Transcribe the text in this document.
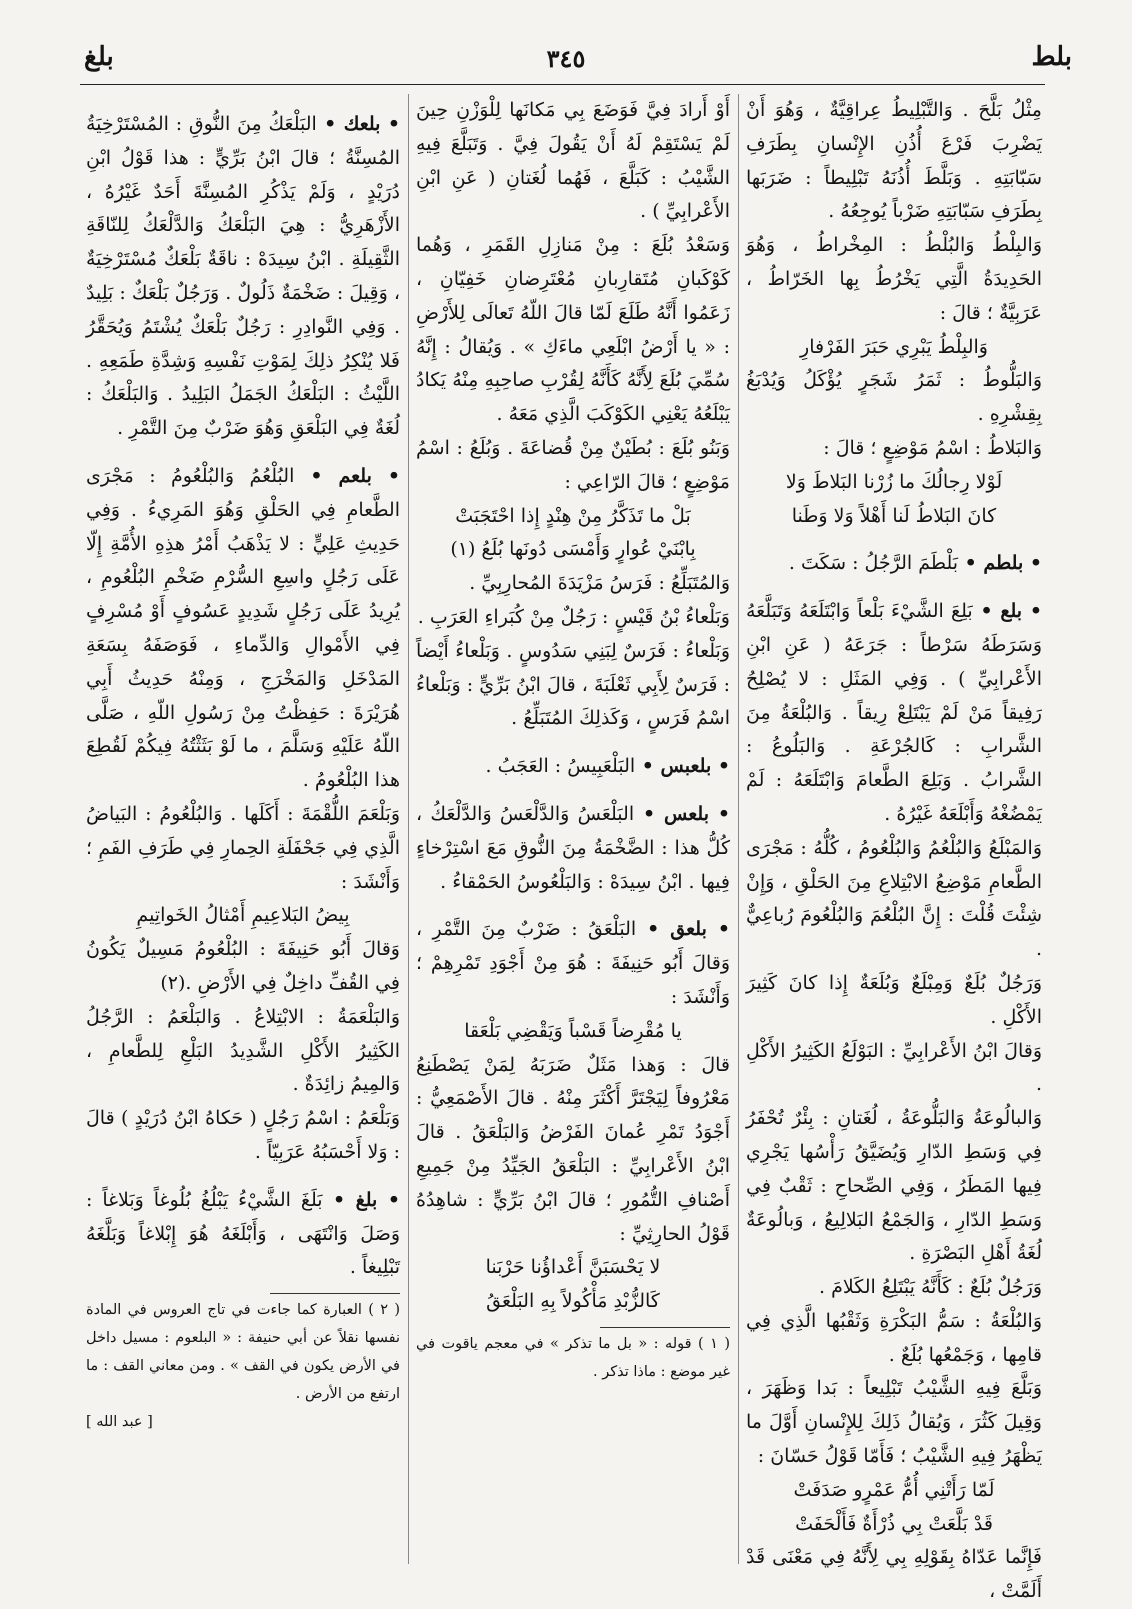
بلط
٣٤٥
بلغ

مِثْلُ بَلَّحَ . وَالتَّبْلِيطُ عِراقِيَّةٌ ، وَهُوَ أَنْ يَضْرِبَ فَرْعَ أُذُنِ الإِنْسانِ بِطَرَفِ سَبّابَتِهِ . وَبَلَّطَ أُذُنَهُ تَبْلِيطاً : ضَرَبَها بِطَرَفِ سَبّابَتِهِ ضَرْباً يُوجِعُهُ .

وَالبِلْطُ وَالبُلْطُ : المِخْراطُ ، وَهُوَ الحَدِيدَةُ الَّتِي يَخْرُطُ بِها الخَرّاطُ ، عَرَبِيَّةٌ ؛ قالَ :

وَالبِلْطُ يَبْرِي حَبَرَ الفَرْفارِ

وَالبَلُّوطُ : ثَمَرُ شَجَرٍ يُؤْكَلُ وَيُدْبَغُ بِقِشْرِهِ .

وَالبَلاطُ : اسْمُ مَوْضِعٍ ؛ قالَ :

لَوْلا رِجالُكَ ما زُرْنا البَلاطَ وَلا

كانَ البَلاطُ لَنا أَهْلاً وَلا وَطَنا

• بلطم • بَلْطَمَ الرَّجُلُ : سَكَتَ .

• بلع • بَلِعَ الشَّيْءَ بَلْعاً وَابْتَلَعَهُ وَتَبَلَّعَهُ وَسَرَطَهُ سَرْطاً : جَرَعَهُ ( عَنِ ابْنِ الأَعْرابِيِّ ) . وَفِي المَثَلِ : لا يُصْلِحُ رَفِيقاً مَنْ لَمْ يَبْتَلِعْ رِيقاً . وَالبُلْعَةُ مِنَ الشَّرابِ : كَالجُرْعَةِ . وَالبَلُوعُ : الشَّرابُ . وَبَلِعَ الطَّعامَ وَابْتَلَعَهُ : لَمْ يَمْضُغْهُ وَأَبْلَعَهُ غَيْرُهُ .

وَالمَبْلَعُ وَالبُلْعُمُ وَالبُلْعُومُ ، كُلُّهُ : مَجْرَى الطَّعامِ مَوْضِعُ الابْتِلاعِ مِنَ الحَلْقِ ، وَإِنْ شِئْتَ قُلْتَ : إِنَّ البُلْعُمَ وَالبُلْعُومَ رُباعِيٌّ .

وَرَجُلٌ بُلَعٌ وَمِبْلَعٌ وَبُلَعَةٌ إِذا كانَ كَثِيرَ الأَكْلِ .

وَقالَ ابْنُ الأَعْرابِيِّ : البَوْلَعُ الكَثِيرُ الأَكْلِ .

وَالبالُوعَةُ وَالبَلُّوعَةُ ، لُغَتانِ : بِئْرٌ تُحْفَرُ فِي وَسَطِ الدّارِ وَيُضَيَّقُ رَأْسُها يَجْرِي فِيها المَطَرُ ، وَفِي الصِّحاحِ : ثَقْبٌ فِي وَسَطِ الدّارِ ، وَالجَمْعُ البَلالِيعُ ، وَبالُوعَةٌ لُغَةُ أَهْلِ البَصْرَةِ .

وَرَجُلٌ بُلَعٌ : كَأَنَّهُ يَبْتَلِعُ الكَلامَ .

وَالبُلْعَةُ : سَمُّ البَكْرَةِ وَثَقْبُها الَّذِي فِي قامِها ، وَجَمْعُها بُلَعٌ .

وَبَلَّعَ فِيهِ الشَّيْبُ تَبْلِيعاً : بَدا وَظَهَرَ ، وَقِيلَ كَثُرَ ، وَيُقالُ ذَلِكَ لِلإِنْسانِ أَوَّلَ ما يَظْهَرُ فِيهِ الشَّيْبُ ؛ فَأَمّا قَوْلُ حَسّانَ :

لَمّا رَأَتْنِي أُمُّ عَمْرٍو صَدَفَتْ

قَدْ بَلَّعَتْ بِي ذُرْأَةٌ فَأَلْحَفَتْ

فَإِنَّما عَدّاهُ بِقَوْلِهِ بِي لِأَنَّهُ فِي مَعْنَى قَدْ أَلَمَّتْ ،

أَوْ أَرادَ فِيَّ فَوَضَعَ بِي مَكانَها لِلْوَزْنِ حِينَ لَمْ يَسْتَقِمْ لَهُ أَنْ يَقُولَ فِيَّ . وَتَبَلَّعَ فِيهِ الشَّيْبُ : كَبَلَّعَ ، فَهُما لُغَتانِ ( عَنِ ابْنِ الأَعْرابِيِّ ) .

وَسَعْدُ بُلَعَ : مِنْ مَنازِلِ القَمَرِ ، وَهُما كَوْكَبانِ مُتَقارِبانِ مُعْتَرِضانِ خَفِيّانِ ، زَعَمُوا أَنَّهُ طَلَعَ لَمّا قالَ اللّهُ تَعالَى لِلأَرْضِ : « يا أَرْضُ ابْلَعِي ماءَكِ » . وَيُقالُ : إِنَّهُ سُمِّيَ بُلَعَ لِأَنَّهُ كَأَنَّهُ لِقُرْبِ صاحِبِهِ مِنْهُ يَكادُ يَبْلَعُهُ يَعْنِي الكَوْكَبَ الَّذِي مَعَهُ .

وَبَنُو بُلَعَ : بُطَيْنٌ مِنْ قُضاعَةَ . وَبُلَعُ : اسْمُ مَوْضِعٍ ؛ قالَ الرّاعِي :

بَلْ ما تَذَكَّرُ مِنْ هِنْدٍ إِذا احْتَجَبَتْ

بِابْنَيْ عُوارٍ وَأَمْسَى دُونَها بُلَعُ (١)

وَالمُتَبَلِّعُ : فَرَسُ مَزْيَدَةَ المُحارِبِيِّ .

وَبَلْعاءُ بْنُ قَيْسٍ : رَجُلٌ مِنْ كُبَراءِ العَرَبِ .

وَبَلْعاءُ : فَرَسٌ لِبَنِي سَدُوسٍ . وَبَلْعاءُ أَيْضاً : فَرَسٌ لِأَبِي ثَعْلَبَةَ ، قالَ ابْنُ بَرِّيٍّ : وَبَلْعاءُ اسْمُ فَرَسٍ ، وَكَذلِكَ المُتَبَلِّعُ .

• بلعبس • البَلْعَبِيسُ : العَجَبُ .

• بلعس • البَلْعَسُ وَالدَّلْعَسُ وَالدَّلْعَكُ ، كُلُّ هذا : الضَّخْمَةُ مِنَ النُّوقِ مَعَ اسْتِرْخاءٍ فِيها . ابْنُ سِيدَهْ : وَالبَلْعُوسُ الحَمْقاءُ .

• بلعق • البَلْعَقُ : ضَرْبٌ مِنَ التَّمْرِ ، وَقالَ أَبُو حَنِيفَةَ : هُوَ مِنْ أَجْوَدِ تَمْرِهِمْ ؛ وَأَنْشَدَ :

يا مُقْرِضاً قَسْباً وَيَقْضِي بَلْعَقا

قالَ : وَهذا مَثَلٌ ضَرَبَهُ لِمَنْ يَصْطَنِعُ مَعْرُوفاً لِيَجْتَرَّ أَكْثَرَ مِنْهُ . قالَ الأَصْمَعِيُّ : أَجْوَدُ تَمْرِ عُمانَ الفَرْضُ وَالبَلْعَقُ . قالَ ابْنُ الأَعْرابِيِّ : البَلْعَقُ الجَيِّدُ مِنْ جَمِيعِ أَصْنافِ التُّمُورِ ؛ قالَ ابْنُ بَرِّيٍّ : شاهِدُهُ قَوْلُ الحارِثِيِّ :

لا يَحْسَبَنَّ أَعْداؤُنا حَرْبَنا

كَالزُّبْدِ مَأْكُولاً بِهِ البَلْعَقُ

( ١ ) قوله : « بل ما تذكر » في معجم ياقوت في غير موضع : ماذا تذكر .

• بلعك • البَلْعَكُ مِنَ النُّوقِ : المُسْتَرْخِيَةُ المُسِنَّةُ ؛ قالَ ابْنُ بَرِّيٍّ : هذا قَوْلُ ابْنِ دُرَيْدٍ ، وَلَمْ يَذْكُرِ المُسِنَّةَ أَحَدٌ غَيْرُهُ ، الأَزْهَرِيُّ : هِيَ البَلْعَكُ وَالدَّلْعَكُ لِلنّاقَةِ الثَّقِيلَةِ . ابْنُ سِيدَهْ : ناقَةٌ بَلْعَكٌ مُسْتَرْخِيَةٌ ، وَقِيلَ : ضَخْمَةٌ ذَلُولٌ . وَرَجُلٌ بَلْعَكٌ : بَلِيدٌ . وَفِي النَّوادِرِ : رَجُلٌ بَلْعَكٌ يُشْتَمُ وَيُحَقَّرُ فَلا يُنْكِرُ ذلِكَ لِمَوْتِ نَفْسِهِ وَشِدَّةِ طَمَعِهِ . اللَّيْثُ : البَلْعَكُ الجَمَلُ البَلِيدُ . وَالبَلْعَكُ : لُغَةٌ فِي البَلْعَقِ وَهُوَ ضَرْبٌ مِنَ التَّمْرِ .

• بلعم • البُلْعُمُ وَالبُلْعُومُ : مَجْرَى الطَّعامِ فِي الحَلْقِ وَهُوَ المَرِيءُ . وَفِي حَدِيثِ عَلِيٍّ : لا يَذْهَبُ أَمْرُ هذِهِ الأُمَّةِ إِلّا عَلَى رَجُلٍ واسِعِ السُّرْمِ ضَخْمِ البُلْعُومِ ، يُرِيدُ عَلَى رَجُلٍ شَدِيدٍ عَسُوفٍ أَوْ مُسْرِفٍ فِي الأَمْوالِ وَالدِّماءِ ، فَوَصَفَهُ بِسَعَةِ المَدْخَلِ وَالمَخْرَجِ ، وَمِنْهُ حَدِيثُ أَبِي هُرَيْرَةَ : حَفِظْتُ مِنْ رَسُولِ اللّهِ ، صَلَّى اللّهُ عَلَيْهِ وَسَلَّمَ ، ما لَوْ بَثَثْتُهُ فِيكُمْ لَقُطِعَ هذا البُلْعُومُ .

وَبَلْعَمَ اللُّقْمَةَ : أَكَلَها . وَالبُلْعُومُ : البَياضُ الَّذِي فِي جَحْفَلَةِ الحِمارِ فِي طَرَفِ الفَمِ ؛ وَأَنْشَدَ :

بِيضُ البَلاعِيمِ أَمْثالُ الخَواتِيمِ

وَقالَ أَبُو حَنِيفَةَ : البُلْعُومُ مَسِيلٌ يَكُونُ فِي القُفِّ داخِلٌ فِي الأَرْضِ .(٢)

وَالبَلْعَمَةُ : الابْتِلاعُ . وَالبَلْعَمُ : الرَّجُلُ الكَثِيرُ الأَكْلِ الشَّدِيدُ البَلْعِ لِلطَّعامِ ، وَالمِيمُ زائِدَةٌ .

وَبَلْعَمُ : اسْمُ رَجُلٍ ( حَكاهُ ابْنُ دُرَيْدٍ ) قالَ : وَلا أَحْسَبُهُ عَرَبِيّاً .

• بلغ • بَلَغَ الشَّيْءُ يَبْلُغُ بُلُوغاً وَبَلاغاً : وَصَلَ وَانْتَهَى ، وَأَبْلَغَهُ هُوَ إِبْلاغاً وَبَلَّغَهُ تَبْلِيغاً .

( ٢ ) العبارة كما جاءت في تاج العروس في المادة نفسها نقلاً عن أبي حنيفة : « البلعوم : مسيل داخل في الأرض يكون في القف » . ومن معاني القف : ما ارتفع من الأرض .

[ عبد الله ]
